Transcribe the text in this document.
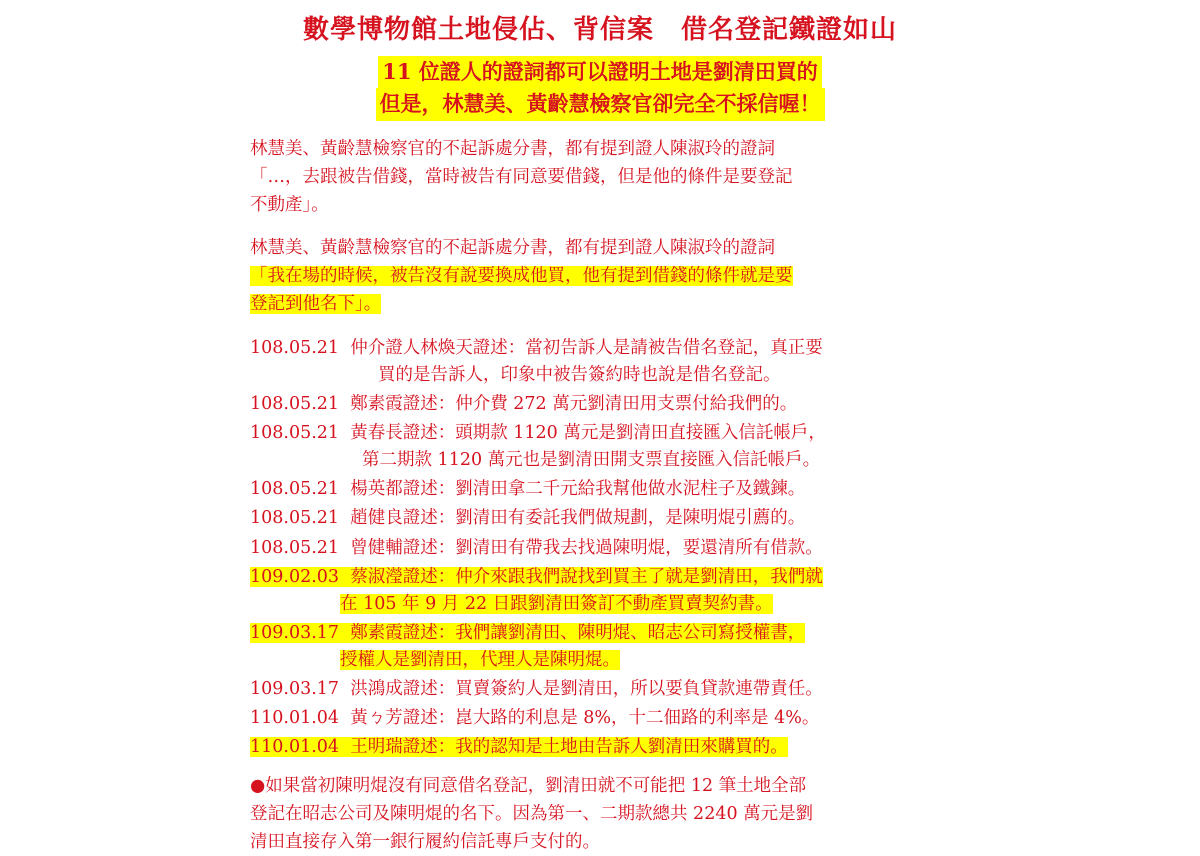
數學博物館土地侵佔、背信案　借名登記鐵證如山
11 位證人的證詞都可以證明土地是劉清田買的
但是，林慧美、黃齡慧檢察官卻完全不採信喔！
林慧美、黃齡慧檢察官的不起訴處分書，都有提到證人陳淑玲的證詞
「…，去跟被告借錢，當時被告有同意要借錢，但是他的條件是要登記
不動產」。
林慧美、黃齡慧檢察官的不起訴處分書，都有提到證人陳淑玲的證詞
「我在場的時候，被告沒有說要換成他買，他有提到借錢的條件就是要
登記到他名下」。
108.05.21 仲介證人林煥天證述：當初告訴人是請被告借名登記，真正要
買的是告訴人，印象中被告簽約時也說是借名登記。
108.05.21 鄭素霞證述：仲介費 272 萬元劉清田用支票付給我們的。
108.05.21 黃春長證述：頭期款 1120 萬元是劉清田直接匯入信託帳戶，
第二期款 1120 萬元也是劉清田開支票直接匯入信託帳戶。
108.05.21 楊英都證述：劉清田拿二千元給我幫他做水泥柱子及鐵鍊。
108.05.21 趙健良證述：劉清田有委託我們做規劃，是陳明焜引薦的。
108.05.21 曾健輔證述：劉清田有帶我去找過陳明焜，要還清所有借款。
109.02.03 蔡淑瀅證述：仲介來跟我們說找到買主了就是劉清田，我們就
在 105 年 9 月 22 日跟劉清田簽訂不動產買賣契約書。
109.03.17 鄭素霞證述：我們讓劉清田、陳明焜、昭志公司寫授權書，
授權人是劉清田，代理人是陳明焜。
109.03.17 洪鴻成證述：買賣簽約人是劉清田，所以要負貸款連帶責任。
110.01.04 黃ㄅ芳證述：崑大路的利息是 8%，十二佃路的利率是 4%。
110.01.04 王明瑞證述：我的認知是土地由告訴人劉清田來購買的。
●如果當初陳明焜沒有同意借名登記，劉清田就不可能把 12 筆土地全部
登記在昭志公司及陳明焜的名下。因為第一、二期款總共 2240 萬元是劉
清田直接存入第一銀行履約信託專戶支付的。
